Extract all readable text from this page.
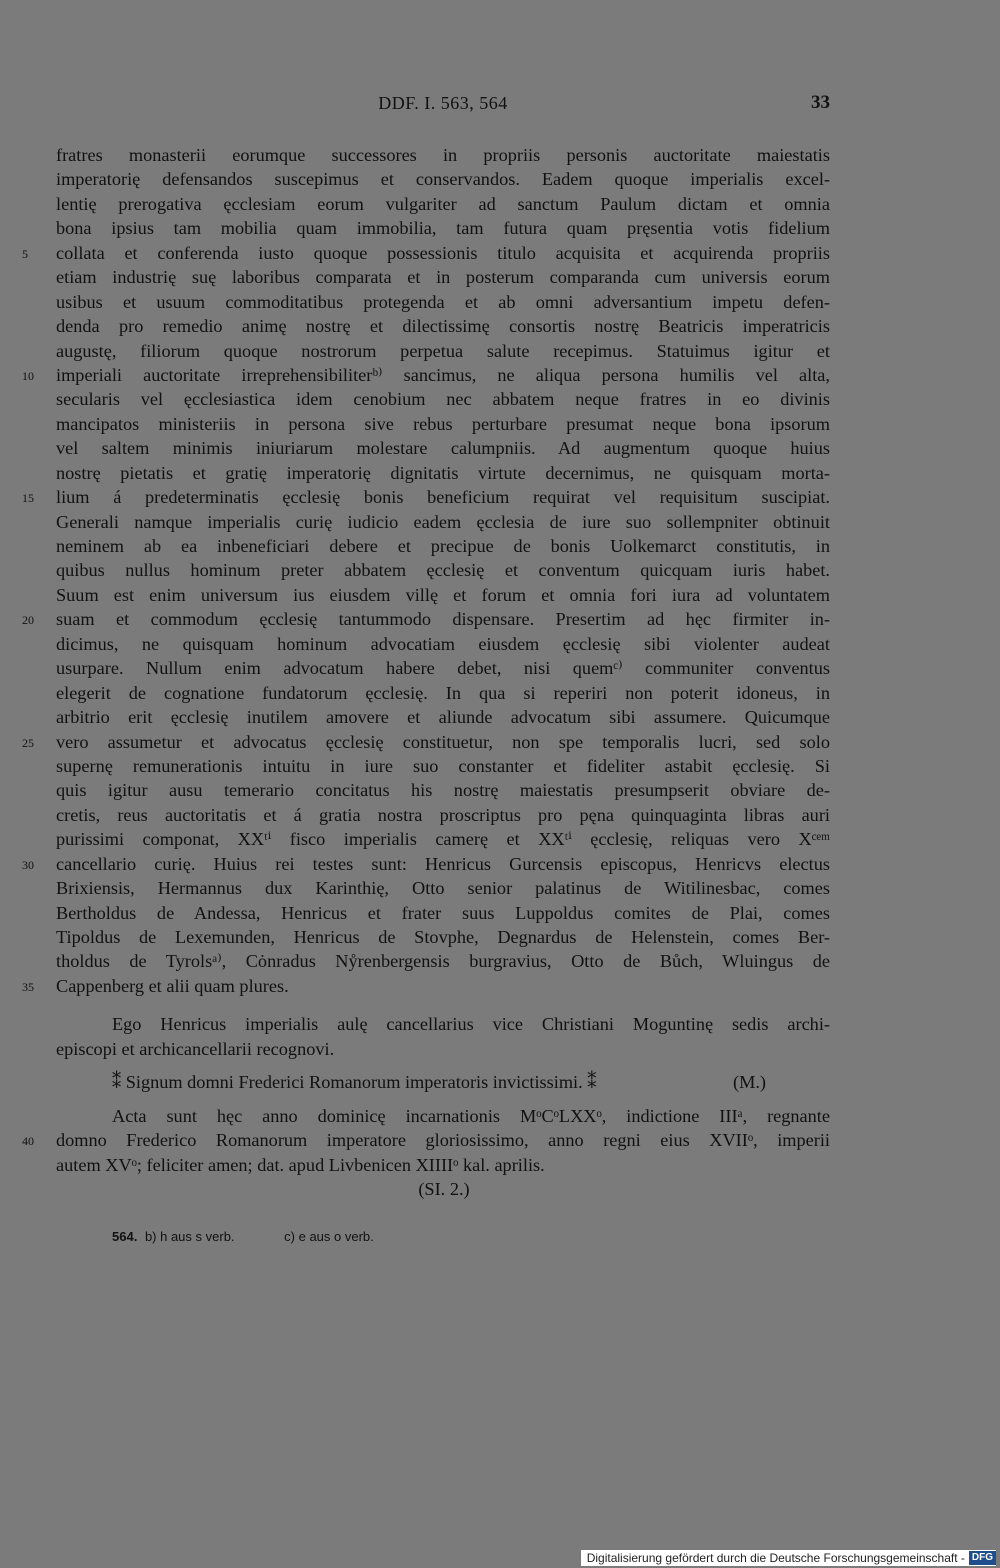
DDF. I. 563, 564	33
fratres monasterii eorumque successores in propriis personis auctoritate maiestatis
imperatorię defensandos suscepimus et conservandos. Eadem quoque imperialis excel-
lentię prerogativa ęcclesiam eorum vulgariter ad sanctum Paulum dictam et omnia
bona ipsius tam mobilia quam immobilia, tam futura quam pręsentia votis fidelium
5	collata et conferenda iusto quoque possessionis titulo acquisita et acquirenda propriis
etiam industrię suę laboribus comparata et in posterum comparanda cum universis eorum
usibus et usuum commoditatibus protegenda et ab omni adversantium impetu defen-
denda pro remedio animę nostrę et dilectissimę consortis nostrę Beatricis imperatricis
augustę, filiorum quoque nostrorum perpetua salute recepimus. Statuimus igitur et
10	imperiali auctoritate irreprehensibiliterᵇ⁾ sancimus, ne aliqua persona humilis vel alta,
secularis vel ęcclesiastica idem cenobium nec abbatem neque fratres in eo divinis
mancipatos ministeriis in persona sive rebus perturbare presumat neque bona ipsorum
vel saltem minimis iniuriarum molestare calumpniis. Ad augmentum quoque huius
nostrę pietatis et gratię imperatorię dignitatis virtute decernimus, ne quisquam morta-
15	lium á predeterminatis ęcclesię bonis beneficium requirat vel requisitum suscipiat.
Generali namque imperialis curię iudicio eadem ęcclesia de iure suo sollempniter obtinuit
neminem ab ea inbeneficiari debere et precipue de bonis Uolkemarct constitutis, in
quibus nullus hominum preter abbatem ęcclesię et conventum quicquam iuris habet.
Suum est enim universum ius eiusdem villę et forum et omnia fori iura ad voluntatem
20	suam et commodum ęcclesię tantummodo dispensare. Presertim ad hęc firmiter in-
dicimus, ne quisquam hominum advocatiam eiusdem ęcclesię sibi violenter audeat
usurpare. Nullum enim advocatum habere debet, nisi quemᶜ⁾ communiter conventus
elegerit de cognatione fundatorum ęcclesię. In qua si reperiri non poterit idoneus, in
arbitrio erit ęcclesię inutilem amovere et aliunde advocatum sibi assumere. Quicumque
25	vero assumetur et advocatus ęcclesię constituetur, non spe temporalis lucri, sed solo
supernę remunerationis intuitu in iure suo constanter et fideliter astabit ęcclesię. Si
quis igitur ausu temerario concitatus his nostrę maiestatis presumpserit obviare de-
cretis, reus auctoritatis et á gratia nostra proscriptus pro pęna quinquaginta libras auri
purissimi componat, XXᵗⁱ fisco imperialis camerę et XXᵗⁱ ęcclesię, reliquas vero Xᶜᵉᵐ
30	cancellario curię. Huius rei testes sunt: Henricus Gurcensis episcopus, Henricvs electus
Brixiensis, Hermannus dux Karinthię, Otto senior palatinus de Witilinesbac, comes
Bertholdus de Andessa, Henricus et frater suus Luppoldus comites de Plai, comes
Tipoldus de Lexemunden, Henricus de Stovphe, Degnardus de Helenstein, comes Ber-
tholdus de Tyrolsᵃ⁾, Cȯnradus Nẙrenbergensis burgravius, Otto de Bůch, Wluingus de
35	Cappenberg et alii quam plures.
Ego Henricus imperialis aulę cancellarius vice Christiani Moguntinę sedis archi-
episcopi et archicancellarii recognovi.
⁑ Signum domni Frederici Romanorum imperatoris invictissimi. ⁑	(M.)
Acta sunt hęc anno dominicę incarnationis MᵒCᵒLXXᵒ, indictione IIIᵃ, regnante
40	domno Frederico Romanorum imperatore gloriosissimo, anno regni eius XVIIᵒ, imperii
autem XVᵒ; feliciter amen; dat. apud Livbenicen XIIIIᵒ kal. aprilis.
(SI. 2.)
564. b) h aus s verb.	c) e aus o verb.
Digitalisierung gefördert durch die Deutsche Forschungsgemeinschaft - DFG
